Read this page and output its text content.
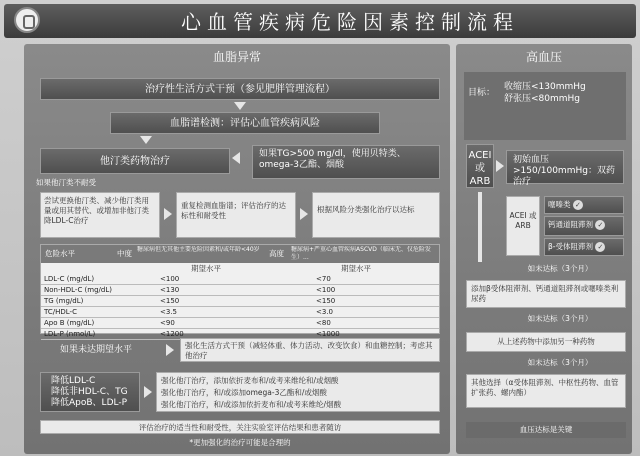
心血管疾病危险因素控制流程
血脂异常
治疗性生活方式干预（参见肥胖管理流程）
血脂谱检测：评估心血管疾病风险
他汀类药物治疗
如果TG>500 mg/dl，使用贝特类、omega-3乙酯、烟酸
如果他汀类不耐受
尝试更换他汀类、减少他汀类用量或用其替代、或增加非他汀类降LDL-C治疗
重复检测血脂谱；评估治疗的达标性和耐受性
根据风险分类强化治疗以达标
危险水平	中度 糖尿病但无其他主要危险因素和/或年龄<40岁	高度	糖尿病+严重心血管疾病ASCVD（临床无、仅危险发生）...
期望水平	期望水平
LDL-C (mg/dL)	<100	<70
Non-HDL-C (mg/dL)	<130	<100
TG (mg/dL)	<150	<150
TC/HDL-C	<3.5	<3.0
Apo B (mg/dL)	<90	<80
LDL-P (nmol/L)	<1200	<1000
如果未达期望水平	强化生活方式干预（减轻体重、体力活动、改变饮食）和血糖控制；考虑其他治疗
降低LDL-C
降低非HDL-C、TG
降低ApoB、LDL-P
强化他汀治疗，添加依折麦布和/或考来维纶和/或烟酸
强化他汀治疗，和/或添加omega-3乙酯和/或烟酸
强化他汀治疗，和/或添加依折麦布和/或考来维纶/烟酸
评估治疗的适当性和耐受性，关注实验室评估结果和患者随访
*更加强化的治疗可能是合理的
高血压
目标：
收缩压<130mmHg
舒张压<80mmHg
ACEI 或 ARB
初始血压>150/100mmHg：双药治疗
ACEI 或 ARB
噻嗪类 ✓
钙通道阻滞剂 ✓
β-受体阻滞剂 ✓
如未达标（3个月）
添加β受体阻滞剂、钙通道阻滞剂或噻嗪类利尿药
如未达标（3个月）
从上述药物中添加另一种药物
如未达标（3个月）
其他选择（α受体阻滞剂、中枢性药物、血管扩张药、螺内酯）
血压达标是关键
